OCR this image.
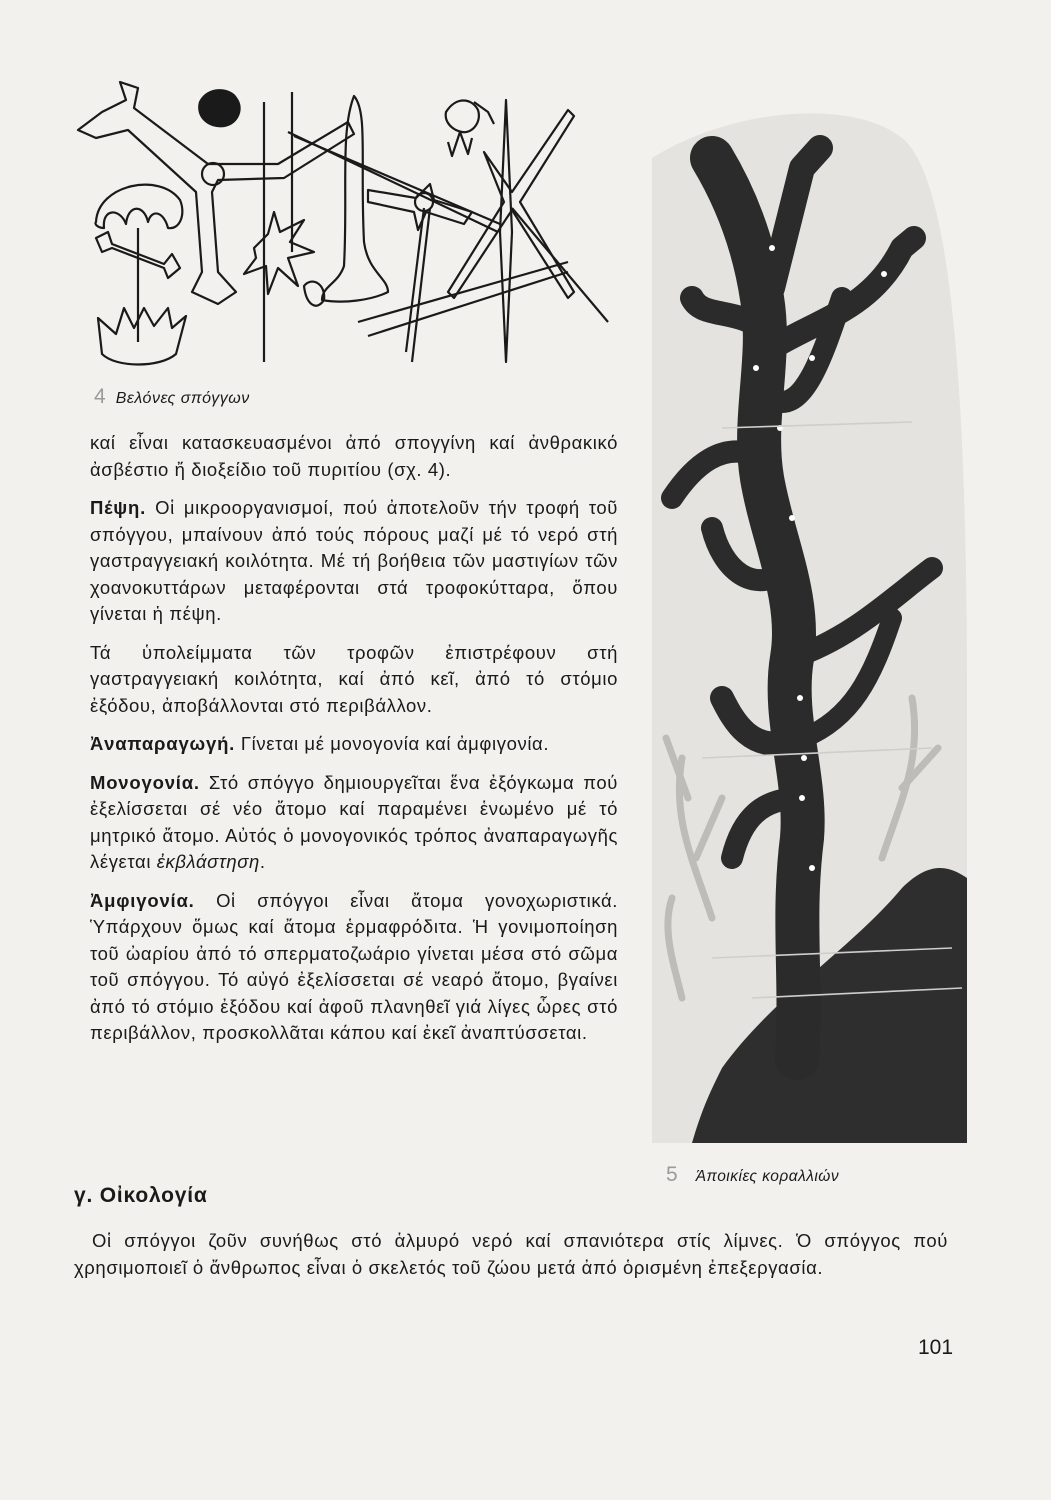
4 Βελόνες σπόγγων

καί εἶναι κατασκευασμένοι ἀπό σπογγίνη καί ἀνθρακικό ἀσβέστιο ἤ διοξείδιο τοῦ πυριτίου (σχ. 4).

Πέψη. Οἱ μικροοργανισμοί, πού ἀποτελοῦν τήν τροφή τοῦ σπόγγου, μπαίνουν ἀπό τούς πόρους μαζί μέ τό νερό στή γαστραγγειακή κοιλότητα. Μέ τή βοήθεια τῶν μαστιγίων τῶν χοανοκυττάρων μεταφέρονται στά τροφοκύτταρα, ὅπου γίνεται ἡ πέψη.

Τά ὑπολείμματα τῶν τροφῶν ἐπιστρέφουν στή γαστραγγειακή κοιλότητα, καί ἀπό κεῖ, ἀπό τό στόμιο ἐξόδου, ἀποβάλλονται στό περιβάλλον.

Ἀναπαραγωγή. Γίνεται μέ μονογονία καί ἀμφιγονία.

Μονογονία. Στό σπόγγο δημιουργεῖται ἕνα ἐξόγκωμα πού ἐξελίσσεται σέ νέο ἄτομο καί παραμένει ἑνωμένο μέ τό μητρικό ἄτομο. Αὐτός ὁ μονογονικός τρόπος ἀναπαραγωγῆς λέγεται ἐκβλάστηση.

Ἀμφιγονία. Οἱ σπόγγοι εἶναι ἄτομα γονοχωριστικά. Ὑπάρχουν ὅμως καί ἄτομα ἑρμαφρόδιτα. Ἡ γονιμοποίηση τοῦ ὠαρίου ἀπό τό σπερματοζωάριο γίνεται μέσα στό σῶμα τοῦ σπόγγου. Τό αὐγό ἐξελίσσεται σέ νεαρό ἄτομο, βγαίνει ἀπό τό στόμιο ἐξόδου καί ἀφοῦ πλανηθεῖ γιά λίγες ὧρες στό περιβάλλον, προσκολλᾶται κάπου καί ἐκεῖ ἀναπτύσσεται.

5 Άποικίες κοραλλιών
γ. Οἰκολογία

Οἱ σπόγγοι ζοῦν συνήθως στό ἁλμυρό νερό καί σπανιότερα στίς λίμνες. Ὁ σπόγγος πού χρησιμοποιεῖ ὁ ἄνθρωπος εἶναι ὁ σκελετός τοῦ ζώου μετά ἀπό ὁρισμένη ἐπεξεργασία.

101
